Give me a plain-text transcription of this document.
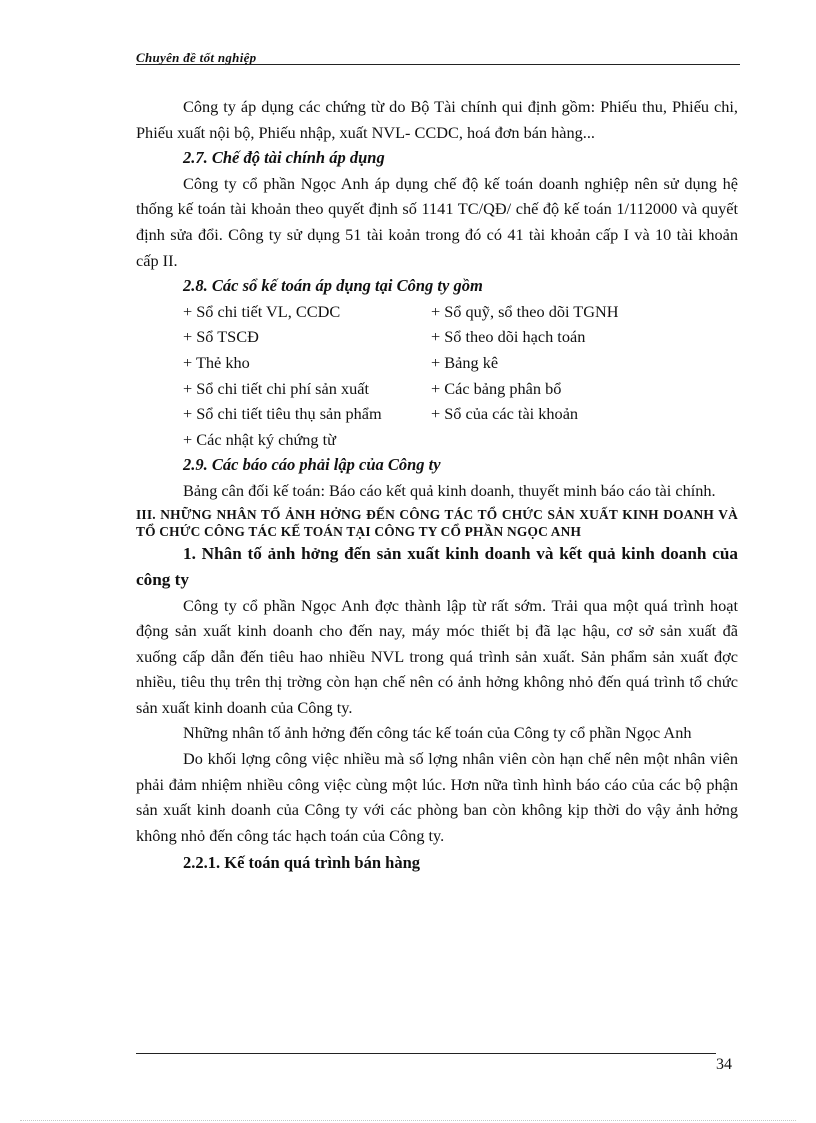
Chuyên đề tốt nghiệp

Công ty áp dụng các chứng từ do Bộ Tài chính qui định gồm: Phiếu thu, Phiếu chi, Phiếu xuất nội bộ, Phiếu nhập, xuất NVL- CCDC, hoá đơn bán hàng...

2.7. Chế độ tài chính áp dụng

Công ty cổ phần Ngọc Anh áp dụng chế độ kế toán doanh nghiệp nên sử dụng hệ thống kế toán tài khoản theo quyết định số 1141 TC/QĐ/ chế độ kế toán 1/112000 và quyết định sửa đổi. Công ty sử dụng 51 tài koản trong đó có 41 tài khoản cấp I và 10 tài khoản cấp II.

2.8. Các sổ kế toán áp dụng tại Công ty gồm

+ Sổ chi tiết VL, CCDC	+ Sổ quỹ, sổ theo dõi TGNH
+ Sổ TSCĐ	+ Sổ theo dõi hạch toán
+ Thẻ kho	+ Bảng kê
+ Sổ chi tiết chi phí sản xuất	+ Các bảng phân bổ
+ Sổ chi tiết tiêu thụ sản phẩm	+ Sổ của các tài khoản
+ Các nhật ký chứng từ

2.9. Các báo cáo phải lập của Công ty

Bảng cân đối kế toán: Báo cáo kết quả kinh doanh, thuyết minh báo cáo tài chính.

III. NHỮNG NHÂN TỐ ẢNH HỞNG ĐẾN CÔNG TÁC TỔ CHỨC SẢN XUẤT KINH DOANH VÀ TỔ CHỨC CÔNG TÁC KẾ TOÁN TẠI CÔNG TY CỔ PHẦN NGỌC ANH

1. Nhân tố ảnh hởng đến sản xuất kinh doanh và kết quả kinh doanh của công ty

Công ty cổ phần Ngọc Anh đợc thành lập từ rất sớm. Trải qua một quá trình hoạt động sản xuất kinh doanh cho đến nay, máy móc thiết bị đã lạc hậu, cơ sở sản xuất đã xuống cấp dẫn đến tiêu hao nhiều NVL trong quá trình sản xuất. Sản phẩm sản xuất đợc nhiều, tiêu thụ trên thị trờng còn hạn chế nên có ảnh hởng không nhỏ đến quá trình tổ chức sản xuất kinh doanh của Công ty.

Những nhân tố ảnh hởng đến công tác kế toán của Công ty cổ phần Ngọc Anh

Do khối lợng công việc nhiều mà số lợng nhân viên còn hạn chế nên một nhân viên phải đảm nhiệm nhiều công việc cùng một lúc. Hơn nữa tình hình báo cáo của các bộ phận sản xuất kinh doanh của Công ty với các phòng ban còn không kịp thời do vậy ảnh hởng không nhỏ đến công tác hạch toán của Công ty.

2.2.1. Kế toán quá trình bán hàng

34
